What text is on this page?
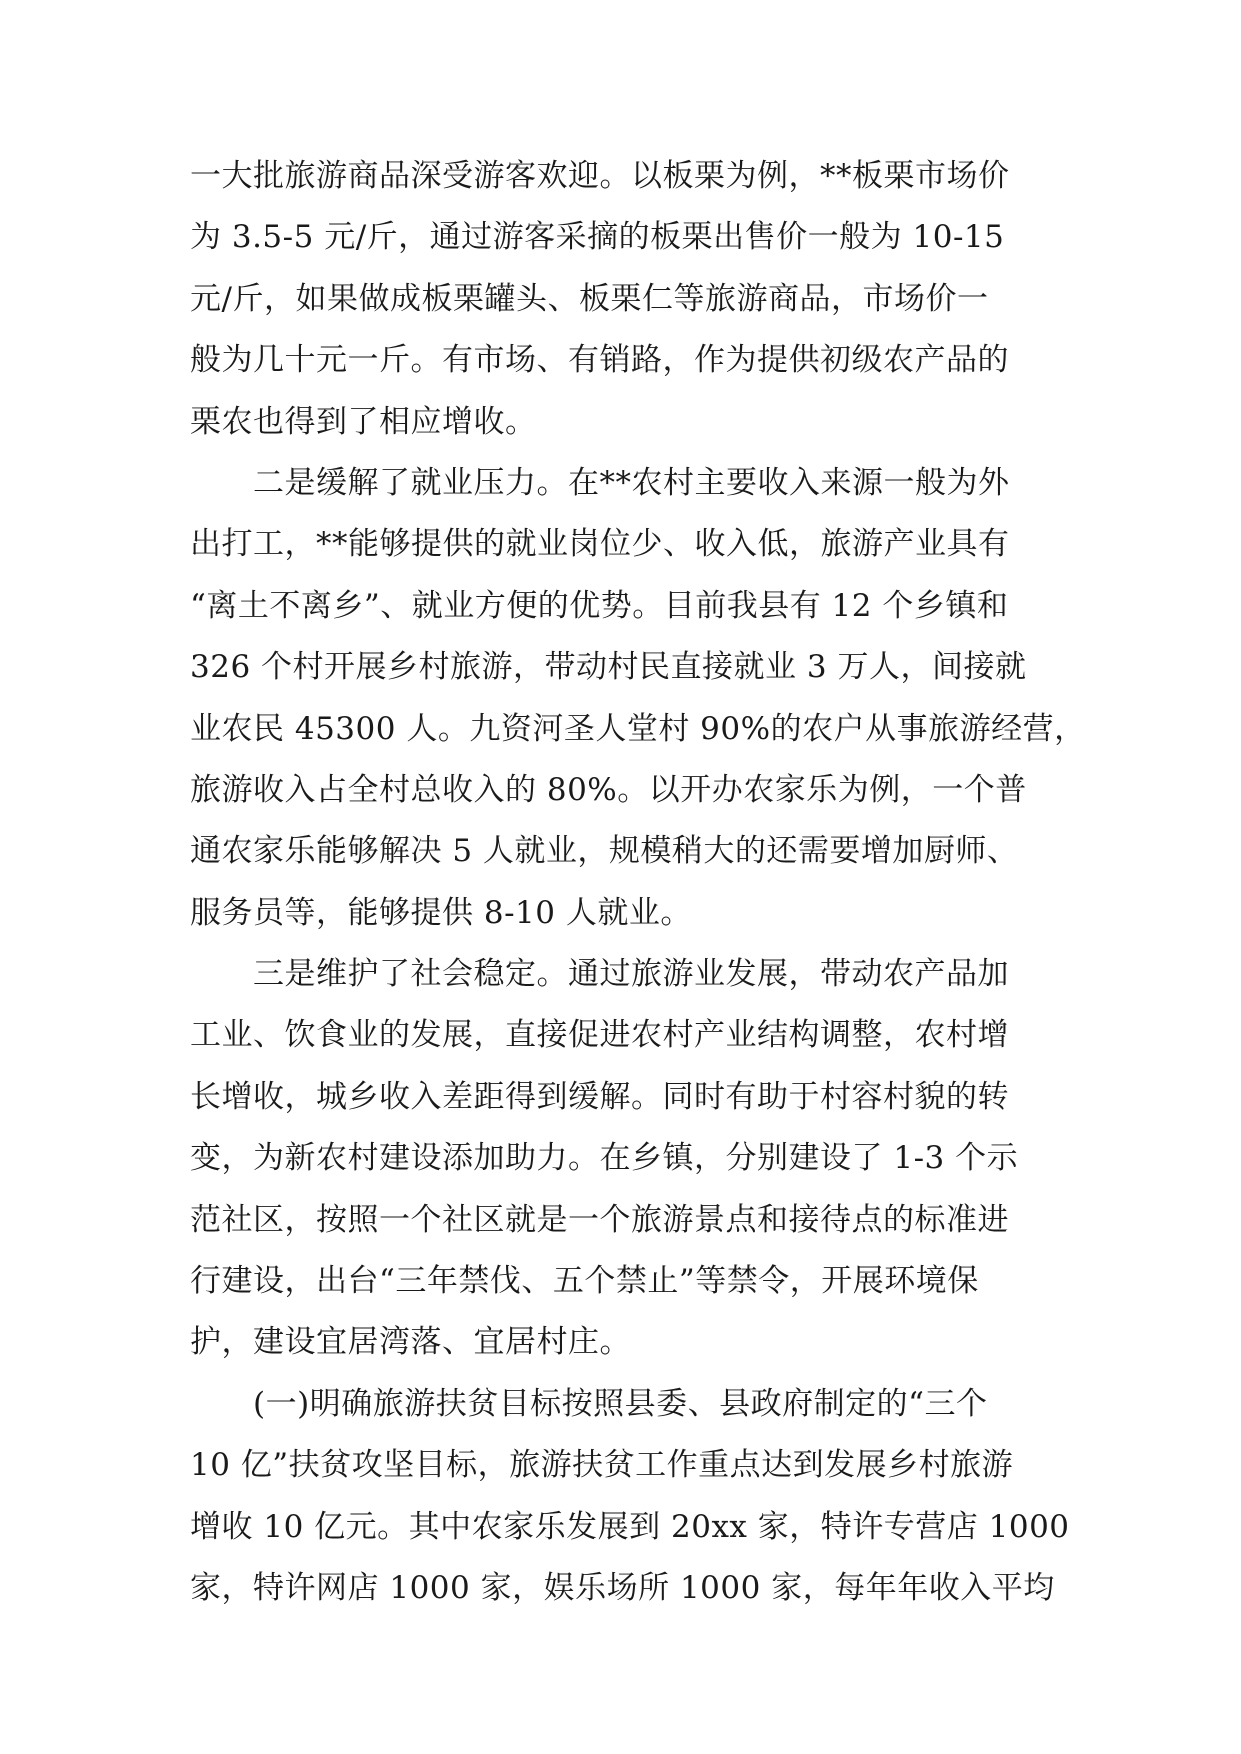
一大批旅游商品深受游客欢迎。以板栗为例，**板栗市场价
为 3.5-5 元/斤，通过游客采摘的板栗出售价一般为 10-15
元/斤，如果做成板栗罐头、板栗仁等旅游商品，市场价一
般为几十元一斤。有市场、有销路，作为提供初级农产品的
栗农也得到了相应增收。
　　二是缓解了就业压力。在**农村主要收入来源一般为外
出打工，**能够提供的就业岗位少、收入低，旅游产业具有
“离土不离乡”、就业方便的优势。目前我县有 12 个乡镇和
326 个村开展乡村旅游，带动村民直接就业 3 万人，间接就
业农民 45300 人。九资河圣人堂村 90%的农户从事旅游经营，
旅游收入占全村总收入的 80%。以开办农家乐为例，一个普
通农家乐能够解决 5 人就业，规模稍大的还需要增加厨师、
服务员等，能够提供 8-10 人就业。
　　三是维护了社会稳定。通过旅游业发展，带动农产品加
工业、饮食业的发展，直接促进农村产业结构调整，农村增
长增收，城乡收入差距得到缓解。同时有助于村容村貌的转
变，为新农村建设添加助力。在乡镇，分别建设了 1-3 个示
范社区，按照一个社区就是一个旅游景点和接待点的标准进
行建设，出台“三年禁伐、五个禁止”等禁令，开展环境保
护，建设宜居湾落、宜居村庄。
　　(一)明确旅游扶贫目标按照县委、县政府制定的“三个
10 亿”扶贫攻坚目标，旅游扶贫工作重点达到发展乡村旅游
增收 10 亿元。其中农家乐发展到 20xx 家，特许专营店 1000
家，特许网店 1000 家，娱乐场所 1000 家，每年年收入平均
